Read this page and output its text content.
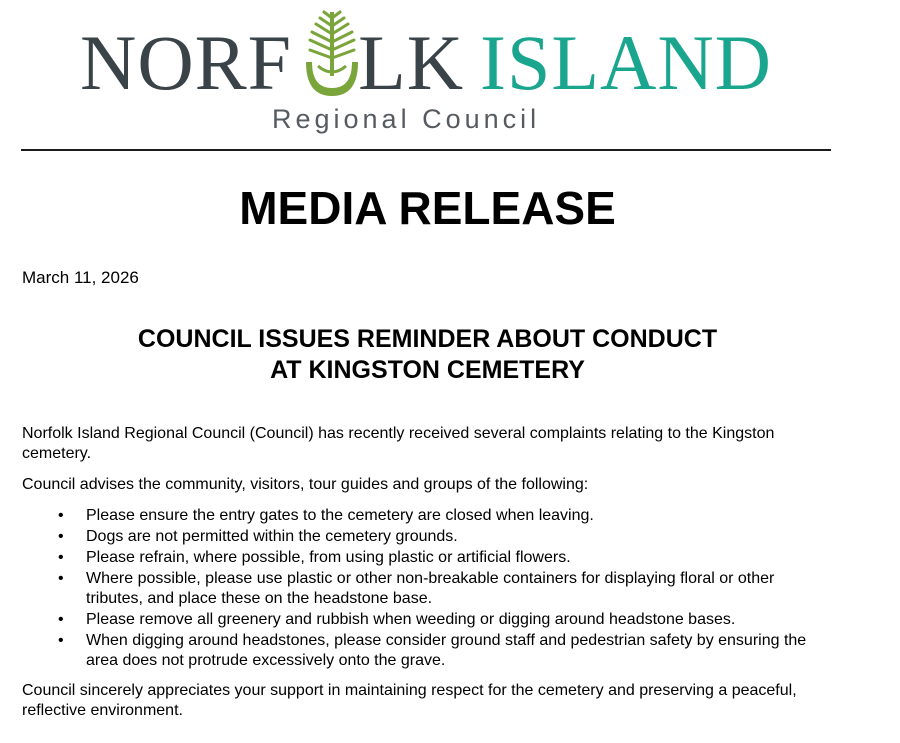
NORF LK ISLAND
Regional Council
MEDIA RELEASE
March 11, 2026
COUNCIL ISSUES REMINDER ABOUT CONDUCT
AT KINGSTON CEMETERY

Norfolk Island Regional Council (Council) has recently received several complaints relating to the Kingston cemetery.

Council advises the community, visitors, tour guides and groups of the following:

• Please ensure the entry gates to the cemetery are closed when leaving.
• Dogs are not permitted within the cemetery grounds.
• Please refrain, where possible, from using plastic or artificial flowers.
• Where possible, please use plastic or other non-breakable containers for displaying floral or other tributes, and place these on the headstone base.
• Please remove all greenery and rubbish when weeding or digging around headstone bases.
• When digging around headstones, please consider ground staff and pedestrian safety by ensuring the area does not protrude excessively onto the grave.

Council sincerely appreciates your support in maintaining respect for the cemetery and preserving a peaceful, reflective environment.
